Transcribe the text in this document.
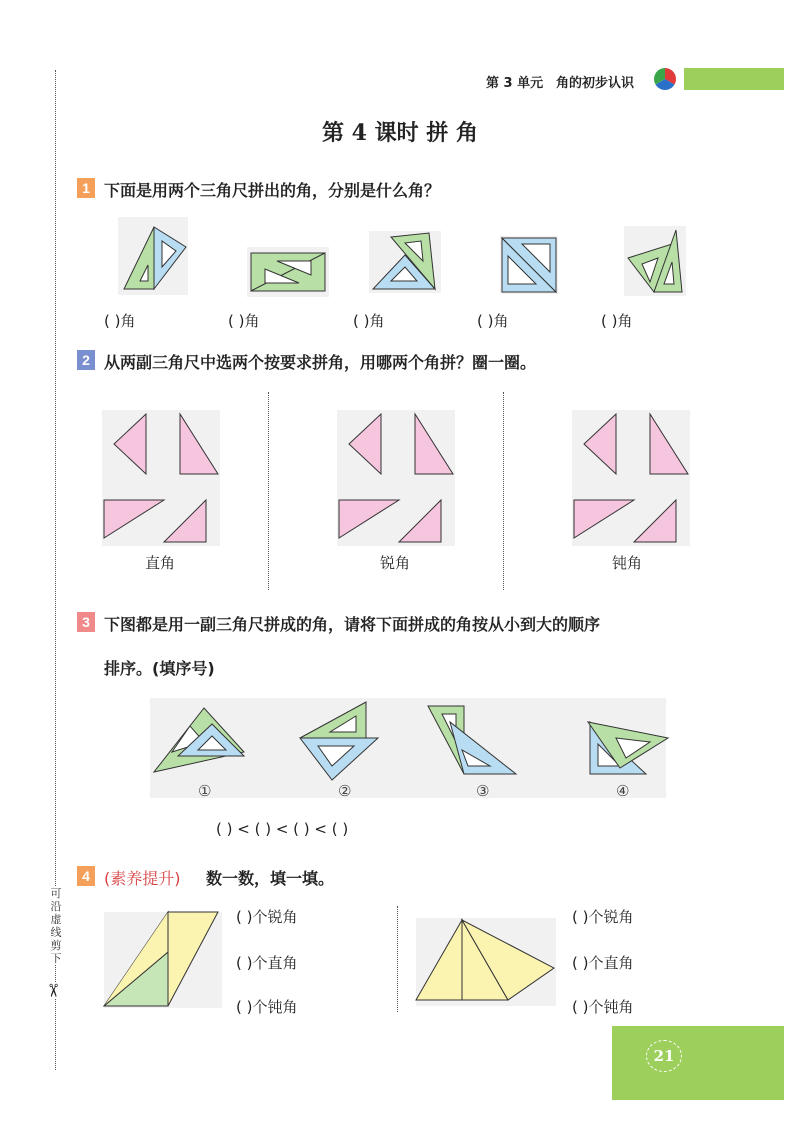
可沿虚线剪下
✂
第 3 单元 角的初步认识
第 4 课时 拼 角
1 下面是用两个三角尺拼出的角，分别是什么角？
( )角	( )角	( )角	( )角	( )角
2 从两副三角尺中选两个按要求拼角，用哪两个角拼？圈一圈。
直角	锐角	钝角
3 下图都是用一副三角尺拼成的角，请将下面拼成的角按从小到大的顺序
排序。(填序号)
①	②	③	④
( ) < ( ) < ( ) < ( )
4 (素养提升) 数一数，填一填。
( )个锐角
( )个直角
( )个钝角
( )个锐角
( )个直角
( )个钝角
21
